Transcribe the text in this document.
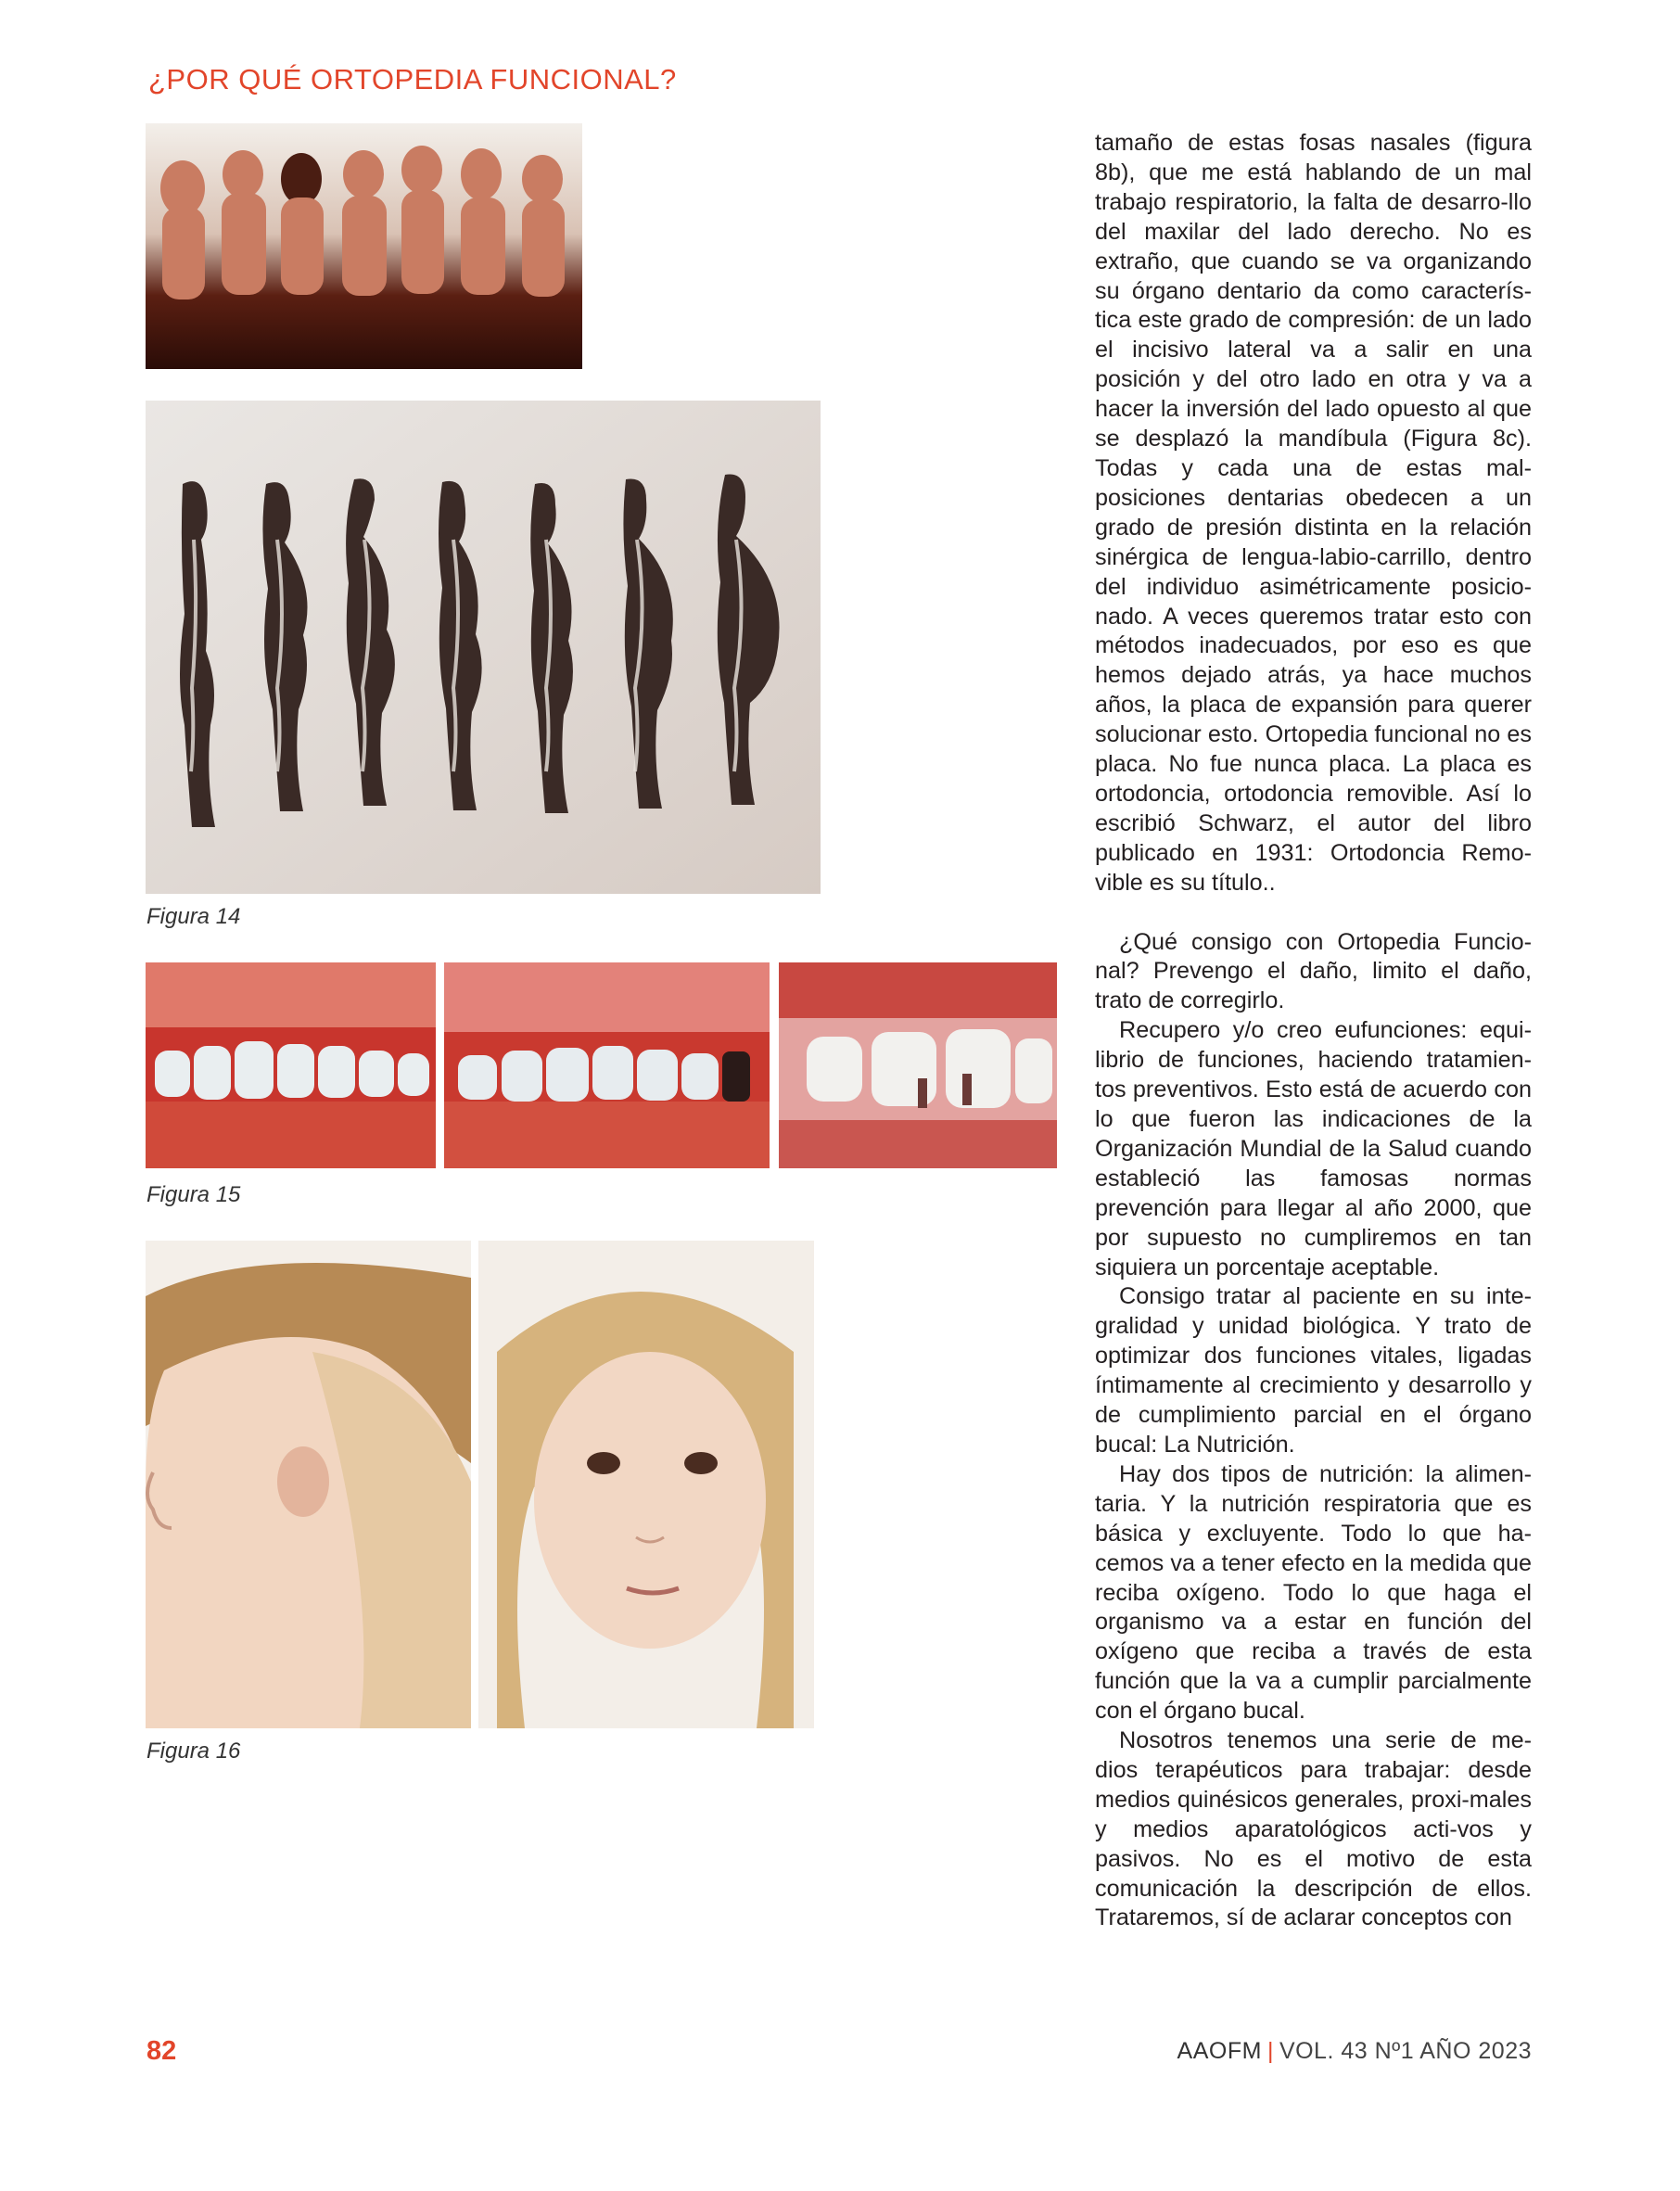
¿POR QUÉ ORTOPEDIA FUNCIONAL?
Figura 14
Figura 15
Figura 16

tamaño de estas fosas nasales (figura 8b), que me está hablando de un mal trabajo respiratorio, la falta de desarro-llo del maxilar del lado derecho. No es extraño, que cuando se va organizando su órgano dentario da como caracterís-tica este grado de compresión: de un lado el incisivo lateral va a salir en una posición y del otro lado en otra y va a hacer la inversión del lado opuesto al que se desplazó la mandíbula (Figura 8c). Todas y cada una de estas mal-posiciones dentarias obedecen a un grado de presión distinta en la relación sinérgica de lengua-labio-carrillo, dentro del individuo asimétricamente posicio-nado. A veces queremos tratar esto con métodos inadecuados, por eso es que hemos dejado atrás, ya hace muchos años, la placa de expansión para querer solucionar esto. Ortopedia funcional no es placa. No fue nunca placa. La placa es ortodoncia, ortodoncia removible. Así lo escribió Schwarz, el autor del libro publicado en 1931: Ortodoncia Remo-vible es su título..

¿Qué consigo con Ortopedia Funcio-nal? Prevengo el daño, limito el daño, trato de corregirlo.

Recupero y/o creo eufunciones: equi-librio de funciones, haciendo tratamien-tos preventivos. Esto está de acuerdo con lo que fueron las indicaciones de la Organización Mundial de la Salud cuando estableció las famosas normas prevención para llegar al año 2000, que por supuesto no cumpliremos en tan siquiera un porcentaje aceptable.

Consigo tratar al paciente en su inte-gralidad y unidad biológica. Y trato de optimizar dos funciones vitales, ligadas íntimamente al crecimiento y desarrollo y de cumplimiento parcial en el órgano bucal: La Nutrición.

Hay dos tipos de nutrición: la alimen-taria. Y la nutrición respiratoria que es básica y excluyente. Todo lo que ha-cemos va a tener efecto en la medida que reciba oxígeno. Todo lo que haga el organismo va a estar en función del oxígeno que reciba a través de esta función que la va a cumplir parcialmente con el órgano bucal.

Nosotros tenemos una serie de me-dios terapéuticos para trabajar: desde medios quinésicos generales, proxi-males y medios aparatológicos acti-vos y pasivos. No es el motivo de esta comunicación la descripción de ellos. Trataremos, sí de aclarar conceptos con

82	AAOFM | VOL. 43 Nº1 AÑO 2023
